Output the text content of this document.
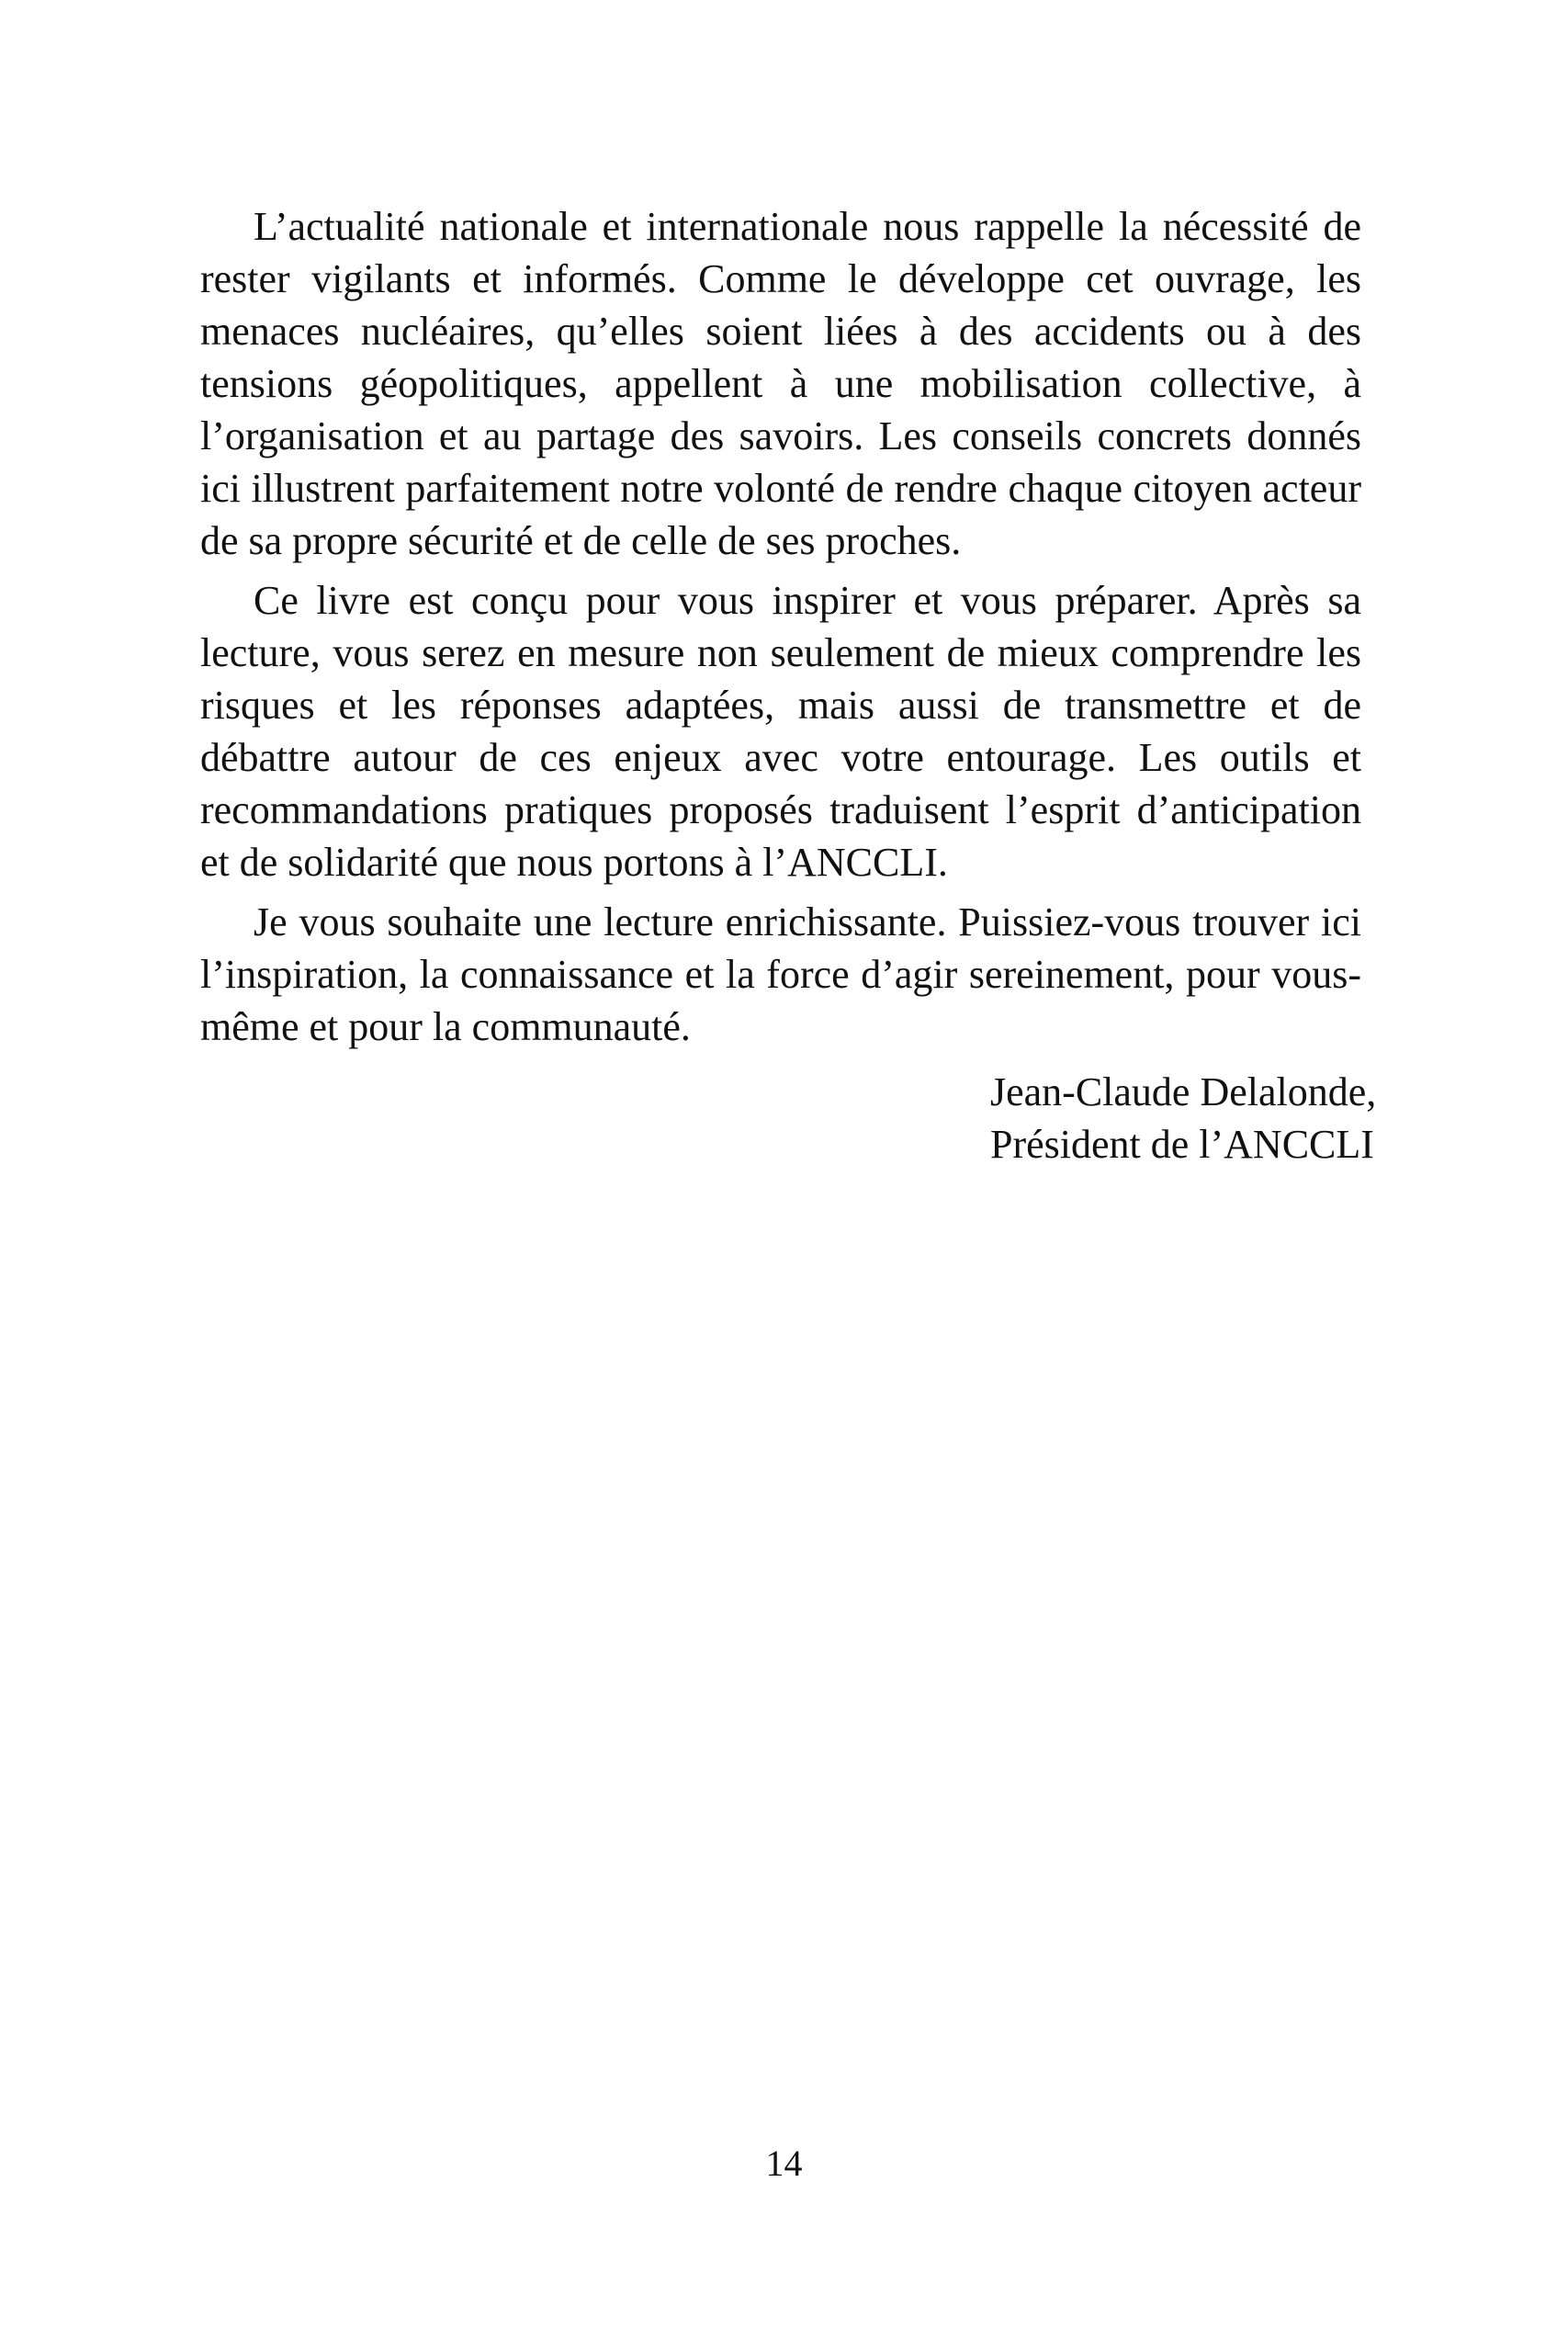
L’actualité nationale et internationale nous rappelle la nécessité de rester vigilants et informés. Comme le développe cet ouvrage, les menaces nucléaires, qu’elles soient liées à des accidents ou à des tensions géopolitiques, appellent à une mobilisation collective, à l’organisation et au partage des savoirs. Les conseils concrets donnés ici illustrent parfaitement notre volonté de rendre chaque citoyen acteur de sa propre sécurité et de celle de ses proches.

Ce livre est conçu pour vous inspirer et vous préparer. Après sa lecture, vous serez en mesure non seulement de mieux comprendre les risques et les réponses adaptées, mais aussi de transmettre et de débattre autour de ces enjeux avec votre entourage. Les outils et recommandations pratiques proposés traduisent l’esprit d’anticipation et de solidarité que nous portons à l’ANCCLI.

Je vous souhaite une lecture enrichissante. Puissiez-vous trouver ici l’inspiration, la connaissance et la force d’agir sereinement, pour vous-même et pour la communauté.

Jean-Claude Delalonde,
Président de l’ANCCLI
14
